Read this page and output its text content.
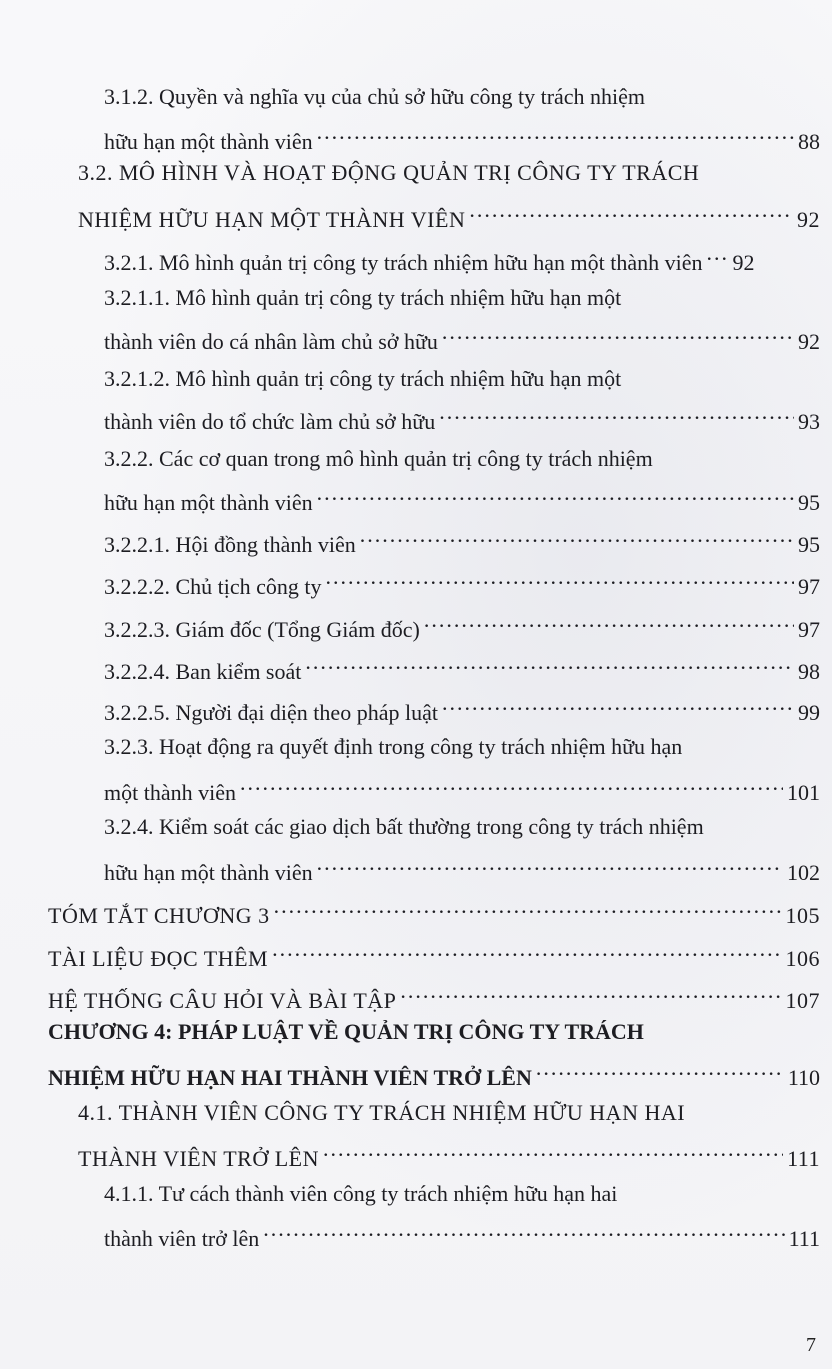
3.1.2. Quyền và nghĩa vụ của chủ sở hữu công ty trách nhiệm
hữu hạn một thành viên .....	88
3.2. MÔ HÌNH VÀ HOẠT ĐỘNG QUẢN TRỊ CÔNG TY TRÁCH
NHIỆM HỮU HẠN MỘT THÀNH VIÊN .....	92
3.2.1. Mô hình quản trị công ty trách nhiệm hữu hạn một thành viên ..... 92
3.2.1.1. Mô hình quản trị công ty trách nhiệm hữu hạn một
thành viên do cá nhân làm chủ sở hữu .....	92
3.2.1.2. Mô hình quản trị công ty trách nhiệm hữu hạn một
thành viên do tổ chức làm chủ sở hữu .....	93
3.2.2. Các cơ quan trong mô hình quản trị công ty trách nhiệm
hữu hạn một thành viên .....	95
3.2.2.1. Hội đồng thành viên .....	95
3.2.2.2. Chủ tịch công ty .....	97
3.2.2.3. Giám đốc (Tổng Giám đốc) .....	97
3.2.2.4. Ban kiểm soát .....	98
3.2.2.5. Người đại diện theo pháp luật .....	99
3.2.3. Hoạt động ra quyết định trong công ty trách nhiệm hữu hạn
một thành viên .....	101
3.2.4. Kiểm soát các giao dịch bất thường trong công ty trách nhiệm
hữu hạn một thành viên .....	102
TÓM TẮT CHƯƠNG 3 .....	105
TÀI LIỆU ĐỌC THÊM .....	106
HỆ THỐNG CÂU HỎI VÀ BÀI TẬP .....	107
CHƯƠNG 4: PHÁP LUẬT VỀ QUẢN TRỊ CÔNG TY TRÁCH
NHIỆM HỮU HẠN HAI THÀNH VIÊN TRỞ LÊN .....	110
4.1. THÀNH VIÊN CÔNG TY TRÁCH NHIỆM HỮU HẠN HAI
THÀNH VIÊN TRỞ LÊN .....	111
4.1.1. Tư cách thành viên công ty trách nhiệm hữu hạn hai
thành viên trở lên .....	111
7
